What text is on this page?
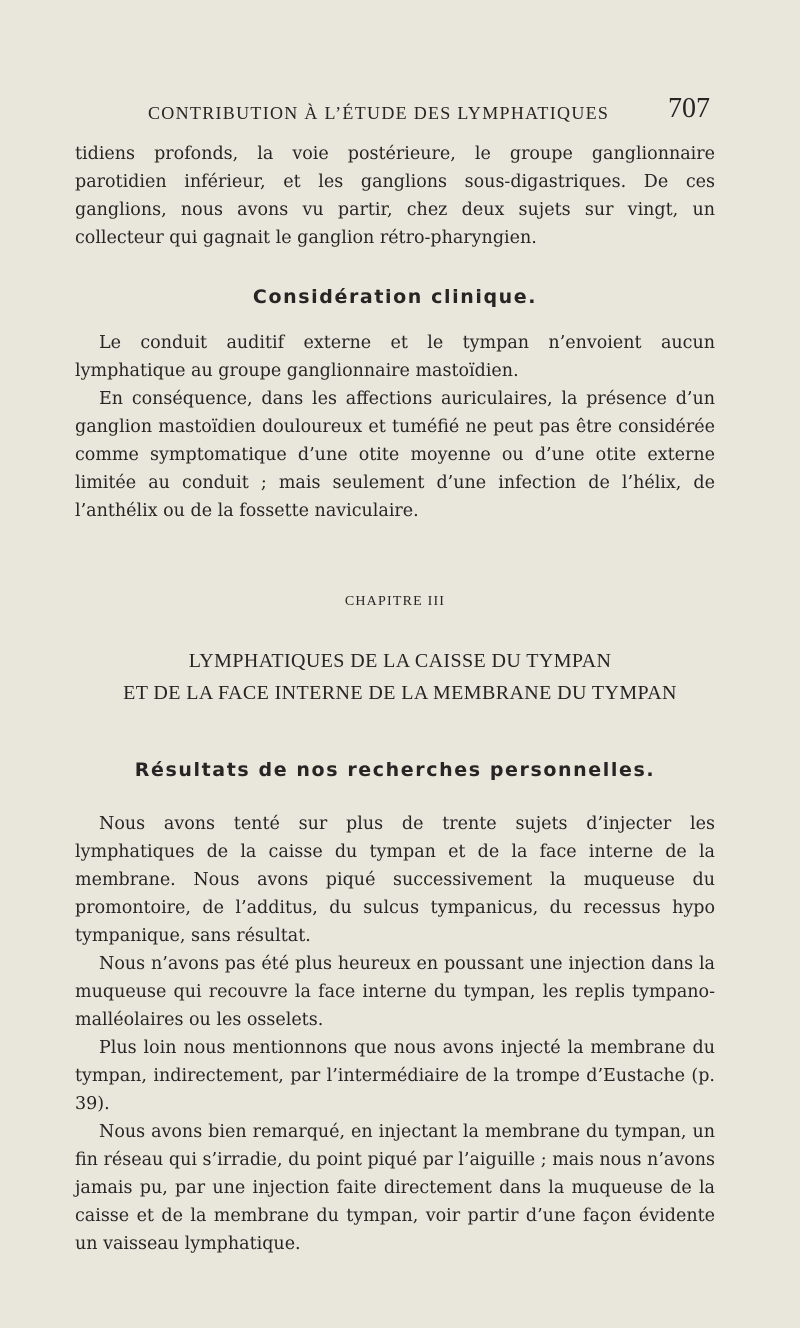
CONTRIBUTION À L’ÉTUDE DES LYMPHATIQUES 707

tidiens profonds, la voie postérieure, le groupe ganglionnaire parotidien inférieur, et les ganglions sous-digastriques. De ces ganglions, nous avons vu partir, chez deux sujets sur vingt, un collecteur qui gagnait le ganglion rétro-pharyngien.

Considération clinique.

Le conduit auditif externe et le tympan n’envoient aucun lymphatique au groupe ganglionnaire mastoïdien.

En conséquence, dans les affections auriculaires, la présence d’un ganglion mastoïdien douloureux et tuméfié ne peut pas être considérée comme symptomatique d’une otite moyenne ou d’une otite externe limitée au conduit ; mais seulement d’une infection de l’hélix, de l’anthélix ou de la fossette naviculaire.

CHAPITRE III
LYMPHATIQUES DE LA CAISSE DU TYMPAN
ET DE LA FACE INTERNE DE LA MEMBRANE DU TYMPAN
Résultats de nos recherches personnelles.

Nous avons tenté sur plus de trente sujets d’injecter les lymphatiques de la caisse du tympan et de la face interne de la membrane. Nous avons piqué successivement la muqueuse du promontoire, de l’additus, du sulcus tympanicus, du recessus hypo tympanique, sans résultat.

Nous n’avons pas été plus heureux en poussant une injection dans la muqueuse qui recouvre la face interne du tympan, les replis tympano-malléolaires ou les osselets.

Plus loin nous mentionnons que nous avons injecté la membrane du tympan, indirectement, par l’intermédiaire de la trompe d’Eustache (p. 39).

Nous avons bien remarqué, en injectant la membrane du tympan, un fin réseau qui s’irradie, du point piqué par l’aiguille ; mais nous n’avons jamais pu, par une injection faite directement dans la muqueuse de la caisse et de la membrane du tympan, voir partir d’une façon évidente un vaisseau lymphatique.
